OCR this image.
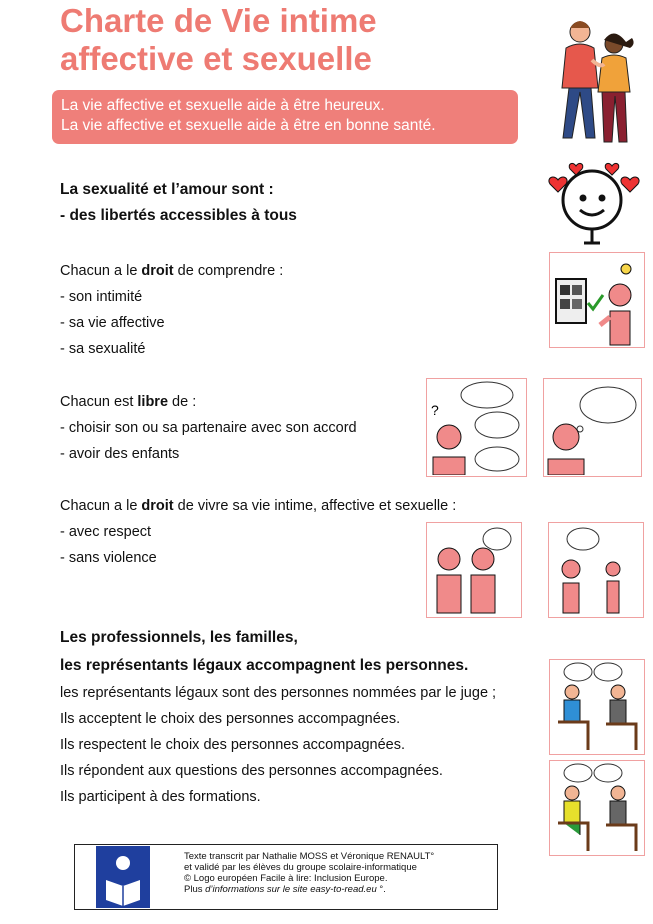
Charte de Vie intime
affective et sexuelle
La vie affective et sexuelle aide à être heureux.
La vie affective et sexuelle aide à être en bonne santé.
La sexualité et l’amour sont :
- des libertés accessibles à tous
Chacun a le droit de comprendre :
- son intimité
- sa vie affective
- sa sexualité
Chacun est libre de :
- choisir son ou sa partenaire avec son accord
- avoir des enfants
?
Chacun a le droit de vivre sa vie intime, affective et sexuelle :
- avec respect
- sans violence
Les professionnels, les familles,
les représentants légaux accompagnent les personnes.
les représentants légaux sont des personnes nommées par le juge ;
Ils acceptent le choix des personnes accompagnées.
Ils respectent le choix des personnes accompagnées.
Ils répondent aux questions des personnes accompagnées.
Ils participent à des formations.
Texte transcrit par Nathalie MOSS et Véronique RENAULT°
et validé par les élèves du groupe scolaire-informatique
© Logo européen Facile à lire: Inclusion Europe.
Plus d’informations sur le site easy-to-read.eu °.
